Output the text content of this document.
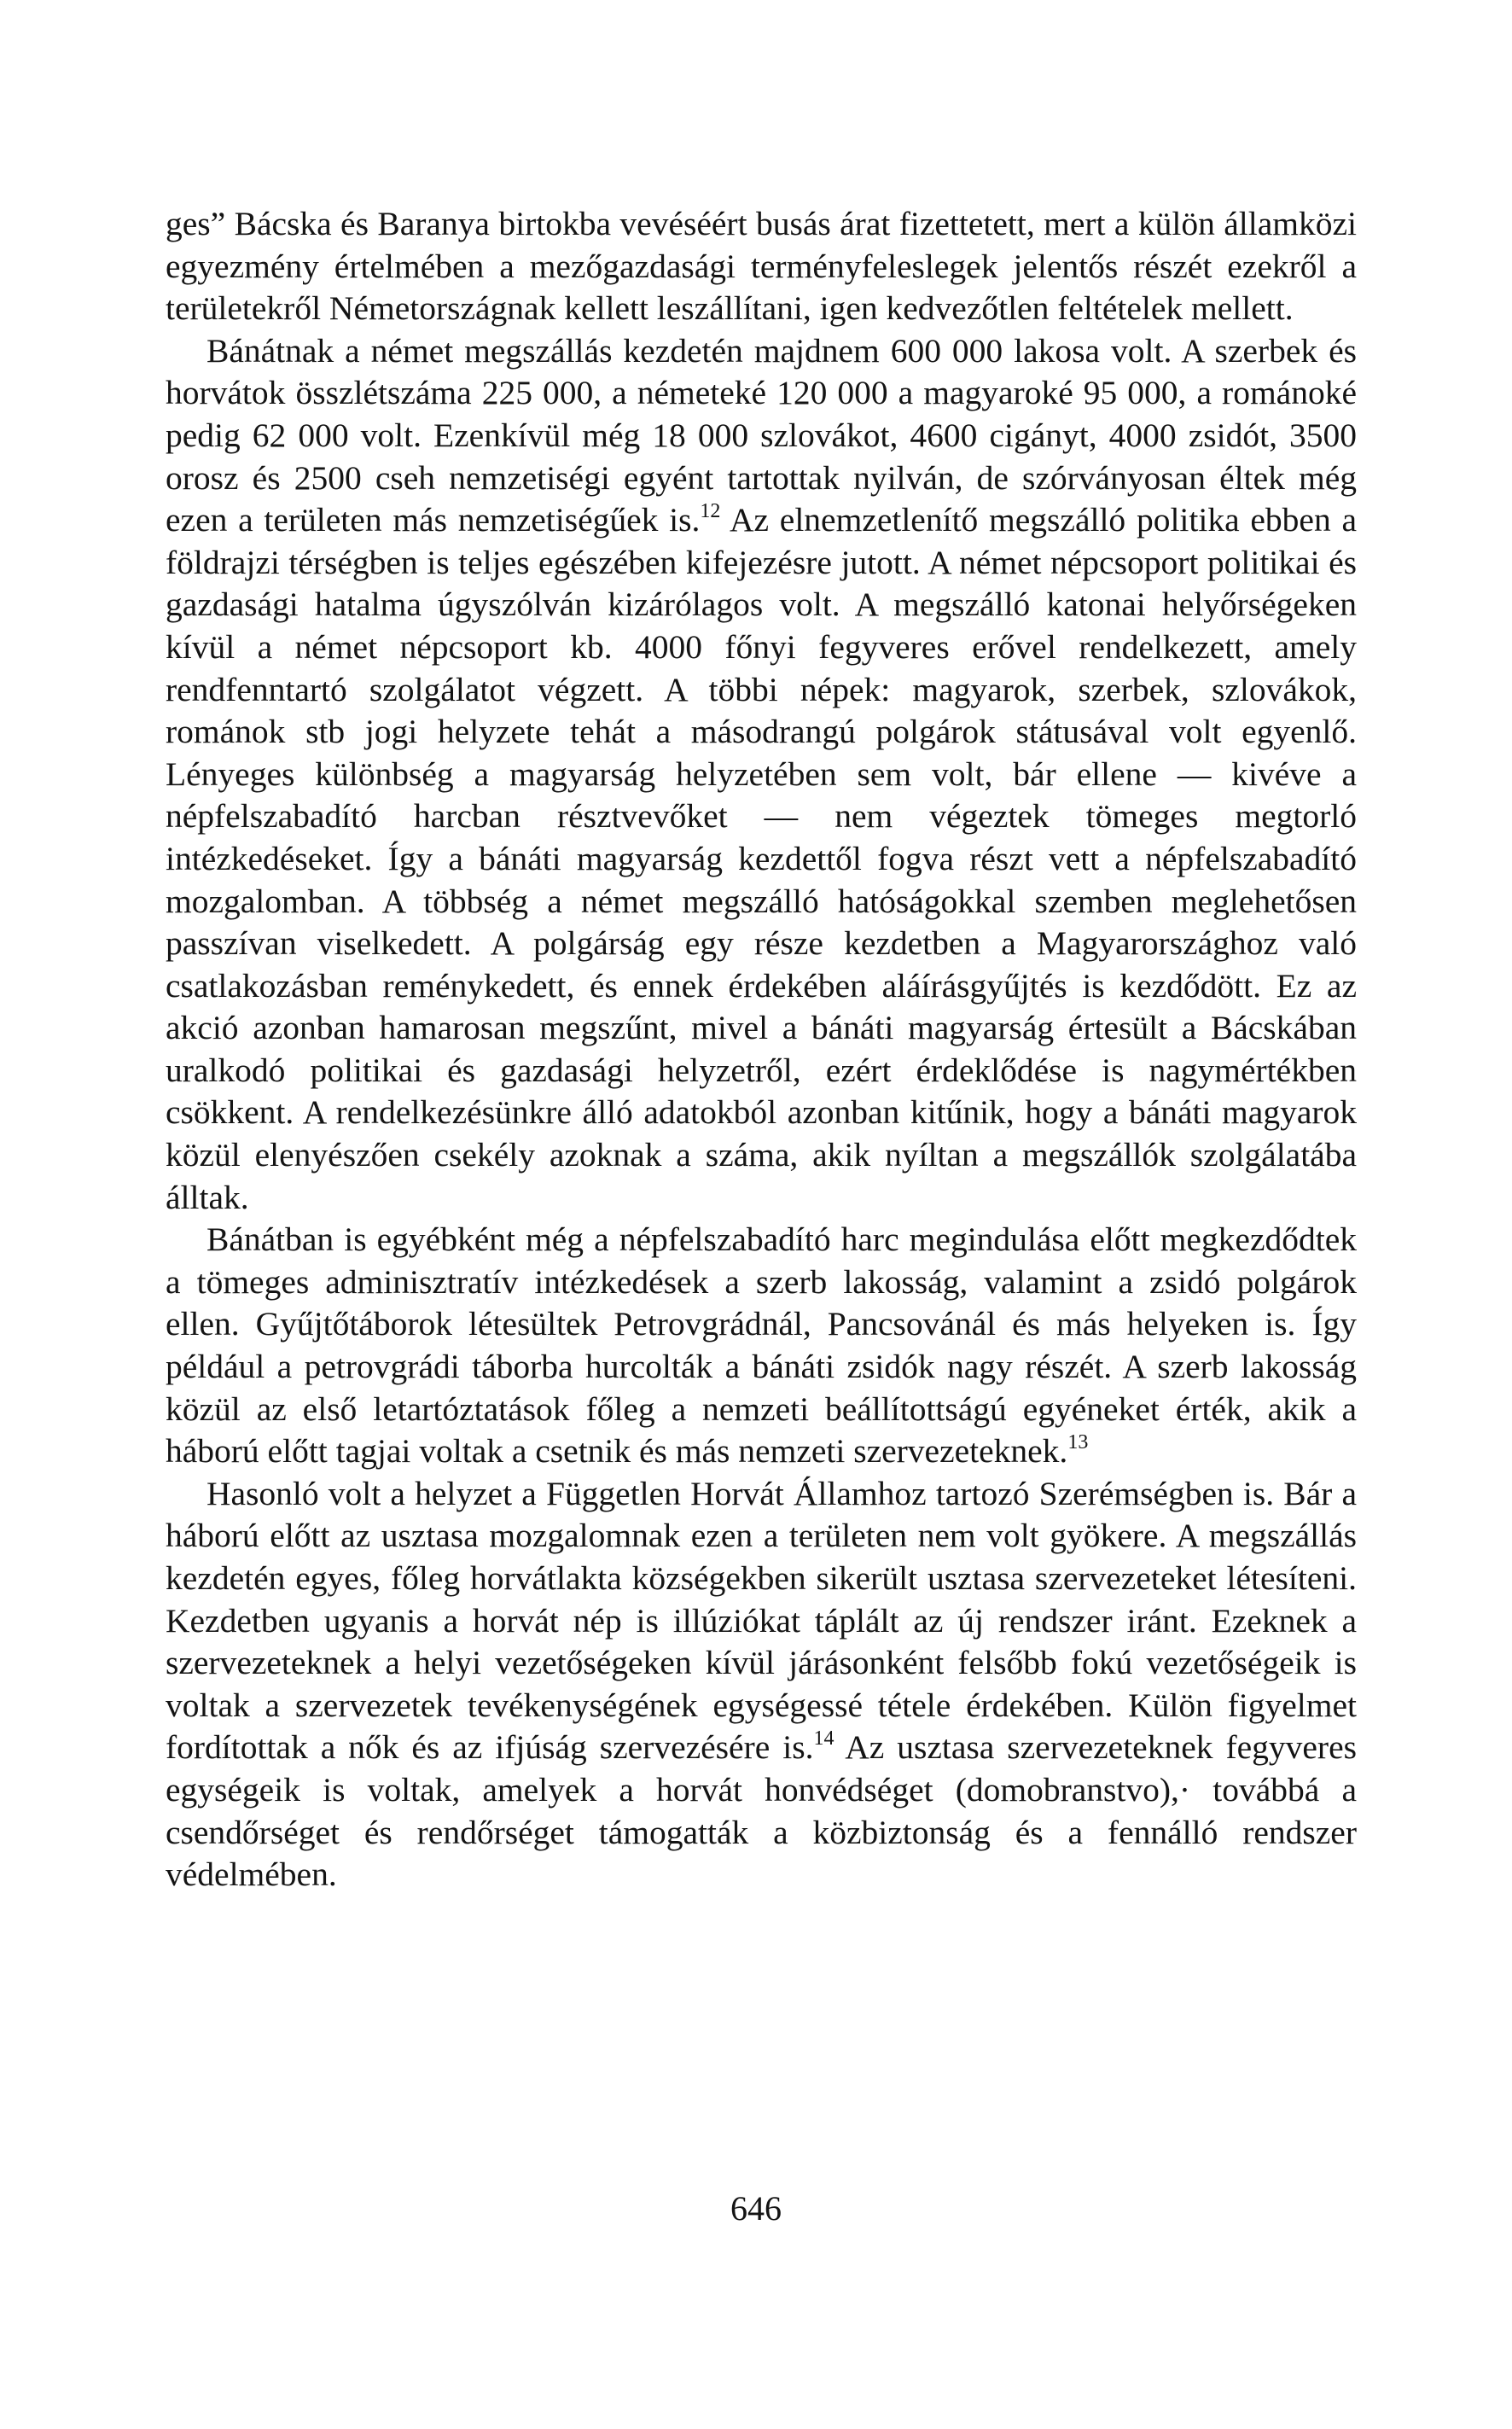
ges” Bácska és Baranya birtokba vevéséért busás árat fizettetett, mert a külön államközi egyezmény értelmében a mezőgazdasági terményfeleslegek jelentős részét ezekről a területekről Németországnak kellett leszállítani, igen kedvezőtlen feltételek mellett.

Bánátnak a német megszállás kezdetén majdnem 600 000 lakosa volt. A szerbek és horvátok összlétszáma 225 000, a németeké 120 000 a magyaroké 95 000, a románoké pedig 62 000 volt. Ezenkívül még 18 000 szlovákot, 4600 cigányt, 4000 zsidót, 3500 orosz és 2500 cseh nemzetiségi egyént tartottak nyilván, de szórványosan éltek még ezen a területen más nemzetiségűek is.$^{12}$ Az elnemzetlenítő megszálló politika ebben a földrajzi térségben is teljes egészében kifejezésre jutott. A német népcsoport politikai és gazdasági hatalma úgyszólván kizárólagos volt. A megszálló katonai helyőrségeken kívül a német népcsoport kb. 4000 főnyi fegyveres erővel rendelkezett, amely rendfenntartó szolgálatot végzett. A többi népek: magyarok, szerbek, szlovákok, románok stb jogi helyzete tehát a másodrangú polgárok státusával volt egyenlő. Lényeges különbség a magyarság helyzetében sem volt, bár ellene — kivéve a népfelszabadító harcban résztvevőket — nem végeztek tömeges megtorló intézkedéseket. Így a bánáti magyarság kezdettől fogva részt vett a népfelszabadító mozgalomban. A többség a német megszálló hatóságokkal szemben meglehetősen passzívan viselkedett. A polgárság egy része kezdetben a Magyarországhoz való csatlakozásban reménykedett, és ennek érdekében aláírásgyűjtés is kezdődött. Ez az akció azonban hamarosan megszűnt, mivel a bánáti magyarság értesült a Bácskában uralkodó politikai és gazdasági helyzetről, ezért érdeklődése is nagymértékben csökkent. A rendelkezésünkre álló adatokból azonban kitűnik, hogy a bánáti magyarok közül elenyészően csekély azoknak a száma, akik nyíltan a megszállók szolgálatába álltak.

Bánátban is egyébként még a népfelszabadító harc megindulása előtt megkezdődtek a tömeges adminisztratív intézkedések a szerb lakosság, valamint a zsidó polgárok ellen. Gyűjtőtáborok létesültek Petrovgrádnál, Pancsovánál és más helyeken is. Így például a petrovgrádi táborba hurcolták a bánáti zsidók nagy részét. A szerb lakosság közül az első letartóztatások főleg a nemzeti beállítottságú egyéneket érték, akik a háború előtt tagjai voltak a csetnik és más nemzeti szervezeteknek.$^{13}$

Hasonló volt a helyzet a Független Horvát Államhoz tartozó Szerémségben is. Bár a háború előtt az usztasa mozgalomnak ezen a területen nem volt gyökere. A megszállás kezdetén egyes, főleg horvátlakta községekben sikerült usztasa szervezeteket létesíteni. Kezdetben ugyanis a horvát nép is illúziókat táplált az új rendszer iránt. Ezeknek a szervezeteknek a helyi vezetőségeken kívül járásonként felsőbb fokú vezetőségeik is voltak a szervezetek tevékenységének egységessé tétele érdekében. Külön figyelmet fordítottak a nők és az ifjúság szervezésére is.$^{14}$ Az usztasa szervezeteknek fegyveres egységeik is voltak, amelyek a horvát honvédséget (domobranstvo),· továbbá a csendőrséget és rendőrséget támogatták a közbiztonság és a fennálló rendszer védelmében.

646
